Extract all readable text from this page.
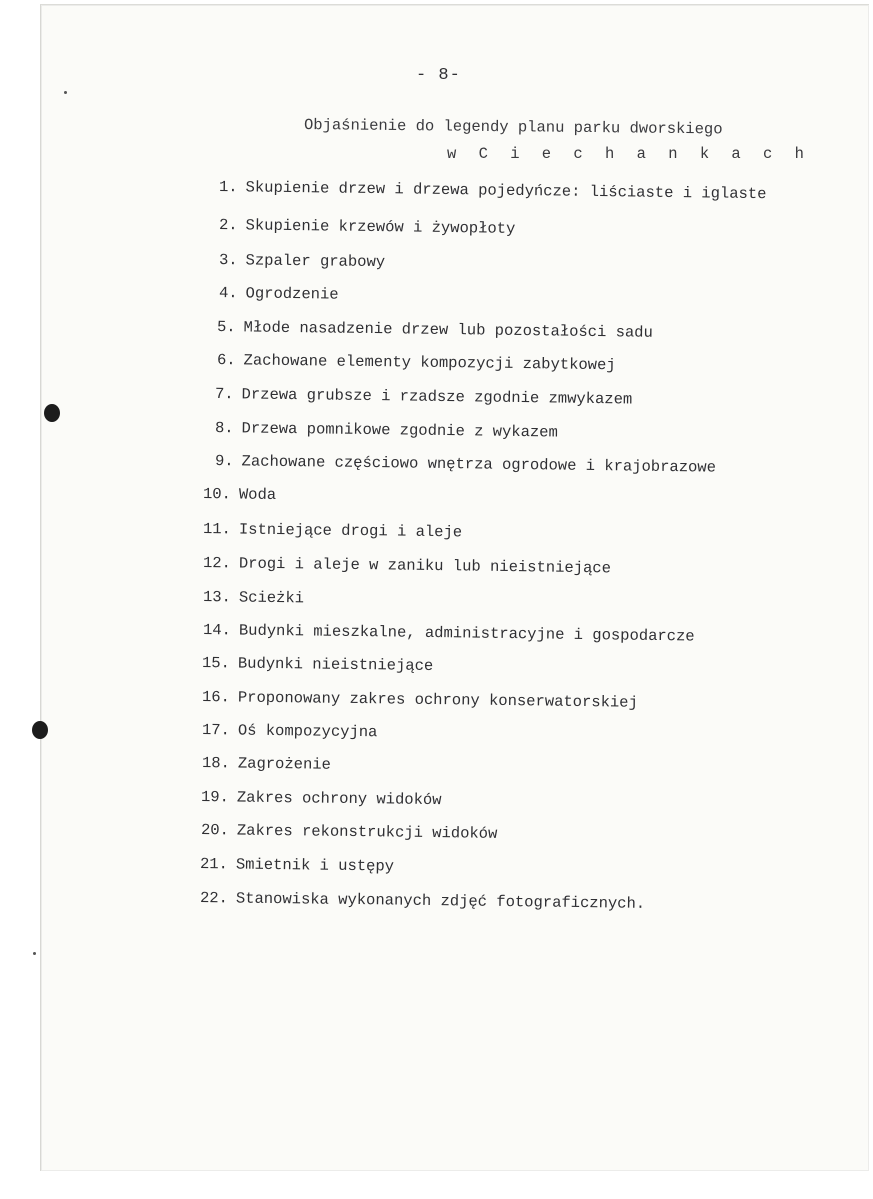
- 8-
Objaśnienie do legendy planu parku dworskiego
w C i e c h a n k a c h
1. Skupienie drzew i drzewa pojedyńcze: liściaste i iglaste
2. Skupienie krzewów i żywopłoty
3. Szpaler grabowy
4. Ogrodzenie
5. Młode nasadzenie drzew lub pozostałości sadu
6. Zachowane elementy kompozycji zabytkowej
7. Drzewa grubsze i rzadsze zgodnie zmwykazem
8. Drzewa pomnikowe zgodnie z wykazem
9. Zachowane częściowo wnętrza ogrodowe i krajobrazowe
10. Woda
11. Istniejące drogi i aleje
12. Drogi i aleje w zaniku lub nieistniejące
13. Scieżki
14. Budynki mieszkalne, administracyjne i gospodarcze
15. Budynki nieistniejące
16. Proponowany zakres ochrony konserwatorskiej
17. Oś kompozycyjna
18. Zagrożenie
19. Zakres ochrony widoków
20. Zakres rekonstrukcji widoków
21. Smietnik i ustępy
22. Stanowiska wykonanych zdjęć fotograficznych.
